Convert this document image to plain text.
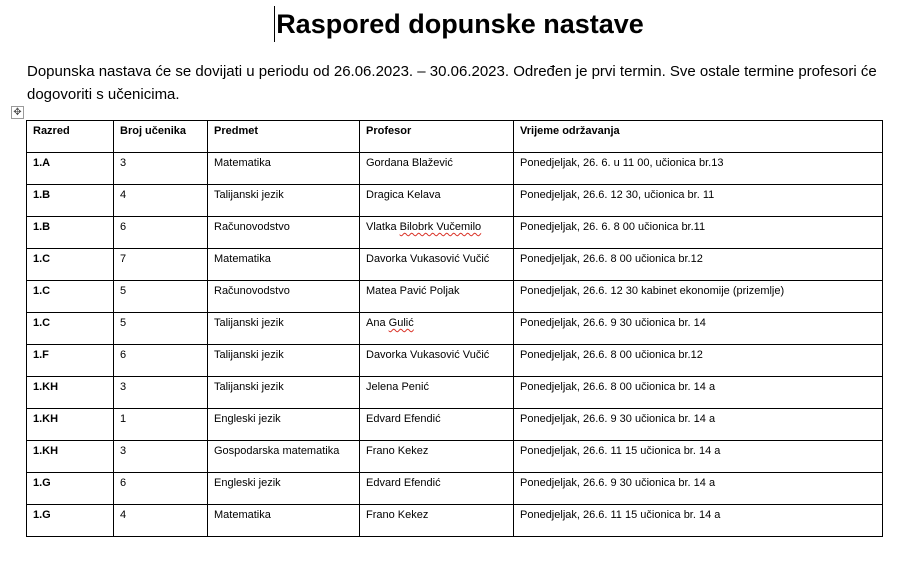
Raspored dopunske nastave
Dopunska nastava će se dovijati u periodu od 26.06.2023. – 30.06.2023. Određen je prvi termin. Sve ostale termine profesori će dogovoriti s učenicima.
✥
Razred	Broj učenika	Predmet	Profesor	Vrijeme održavanja
1.A	3	Matematika	Gordana Blažević	Ponedjeljak, 26. 6. u 11 00, učionica br.13
1.B	4	Talijanski jezik	Dragica Kelava	Ponedjeljak, 26.6. 12 30, učionica br. 11
1.B	6	Računovodstvo	Vlatka Bilobrk Vučemilo	Ponedjeljak, 26. 6. 8 00 učionica br.11
1.C	7	Matematika	Davorka Vukasović Vučić	Ponedjeljak, 26.6. 8 00 učionica br.12
1.C	5	Računovodstvo	Matea Pavić Poljak	Ponedjeljak, 26.6. 12 30 kabinet ekonomije (prizemlje)
1.C	5	Talijanski jezik	Ana Gulić	Ponedjeljak, 26.6. 9 30 učionica br. 14
1.F	6	Talijanski jezik	Davorka Vukasović Vučić	Ponedjeljak, 26.6. 8 00 učionica br.12
1.KH	3	Talijanski jezik	Jelena Penić	Ponedjeljak, 26.6. 8 00 učionica br. 14 a
1.KH	1	Engleski jezik	Edvard Efendić	Ponedjeljak, 26.6. 9 30 učionica br. 14 a
1.KH	3	Gospodarska matematika	Frano Kekez	Ponedjeljak, 26.6. 11 15 učionica br. 14 a
1.G	6	Engleski jezik	Edvard Efendić	Ponedjeljak, 26.6. 9 30 učionica br. 14 a
1.G	4	Matematika	Frano Kekez	Ponedjeljak, 26.6. 11 15 učionica br. 14 a
